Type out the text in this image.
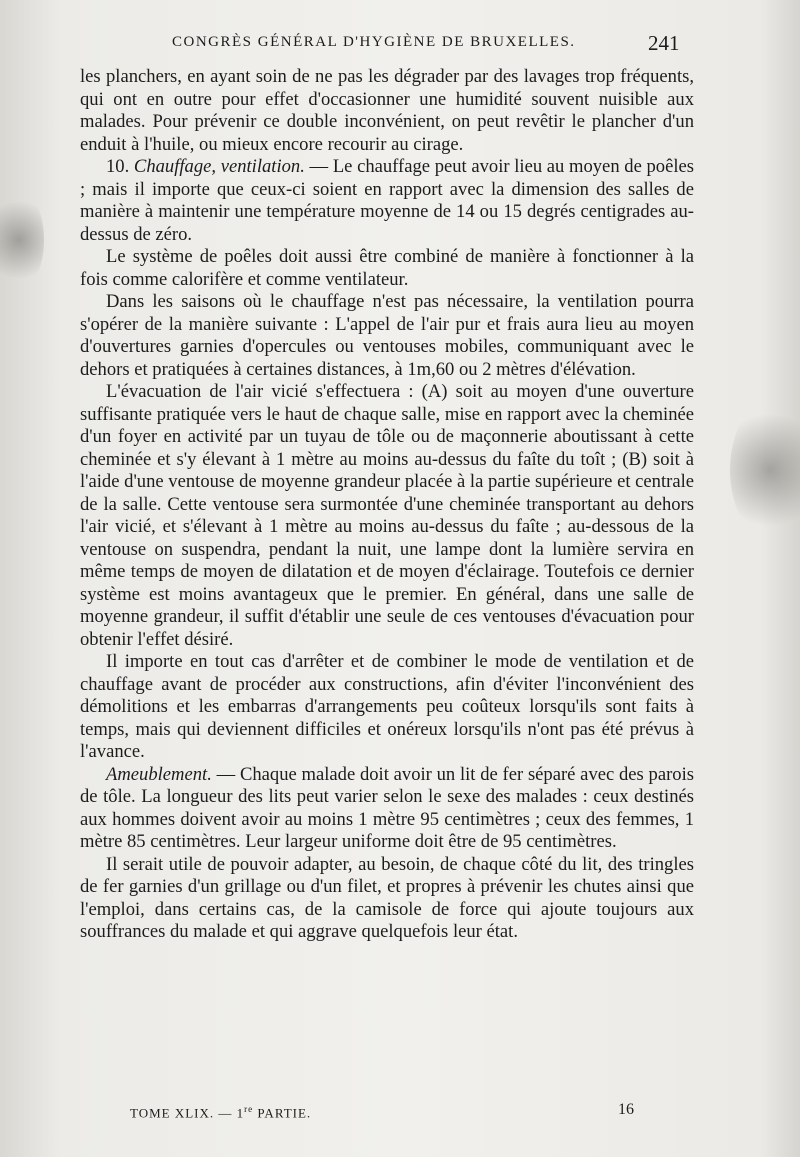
CONGRÈS GÉNÉRAL D'HYGIÈNE DE BRUXELLES.	241

les planchers, en ayant soin de ne pas les dégrader par des lavages trop fréquents, qui ont en outre pour effet d'occasionner une humidité souvent nuisible aux malades. Pour prévenir ce double inconvénient, on peut revêtir le plancher d'un enduit à l'huile, ou mieux encore recourir au cirage.

10. Chauffage, ventilation. — Le chauffage peut avoir lieu au moyen de poêles ; mais il importe que ceux-ci soient en rapport avec la dimension des salles de manière à maintenir une température moyenne de 14 ou 15 degrés centigrades au-dessus de zéro.

Le système de poêles doit aussi être combiné de manière à fonctionner à la fois comme calorifère et comme ventilateur.

Dans les saisons où le chauffage n'est pas nécessaire, la ventilation pourra s'opérer de la manière suivante : L'appel de l'air pur et frais aura lieu au moyen d'ouvertures garnies d'opercules ou ventouses mobiles, communiquant avec le dehors et pratiquées à certaines distances, à 1m,60 ou 2 mètres d'élévation.

L'évacuation de l'air vicié s'effectuera : (A) soit au moyen d'une ouverture suffisante pratiquée vers le haut de chaque salle, mise en rapport avec la cheminée d'un foyer en activité par un tuyau de tôle ou de maçonnerie aboutissant à cette cheminée et s'y élevant à 1 mètre au moins au-dessus du faîte du toît ; (B) soit à l'aide d'une ventouse de moyenne grandeur placée à la partie supérieure et centrale de la salle. Cette ventouse sera surmontée d'une cheminée transportant au dehors l'air vicié, et s'élevant à 1 mètre au moins au-dessus du faîte ; au-dessous de la ventouse on suspendra, pendant la nuit, une lampe dont la lumière servira en même temps de moyen de dilatation et de moyen d'éclairage. Toutefois ce dernier système est moins avantageux que le premier. En général, dans une salle de moyenne grandeur, il suffit d'établir une seule de ces ventouses d'évacuation pour obtenir l'effet désiré.

Il importe en tout cas d'arrêter et de combiner le mode de ventilation et de chauffage avant de procéder aux constructions, afin d'éviter l'inconvénient des démolitions et les embarras d'arrangements peu coûteux lorsqu'ils sont faits à temps, mais qui deviennent difficiles et onéreux lorsqu'ils n'ont pas été prévus à l'avance.

Ameublement. — Chaque malade doit avoir un lit de fer séparé avec des parois de tôle. La longueur des lits peut varier selon le sexe des malades : ceux destinés aux hommes doivent avoir au moins 1 mètre 95 centimètres ; ceux des femmes, 1 mètre 85 centimètres. Leur largeur uniforme doit être de 95 centimètres.

Il serait utile de pouvoir adapter, au besoin, de chaque côté du lit, des tringles de fer garnies d'un grillage ou d'un filet, et propres à prévenir les chutes ainsi que l'emploi, dans certains cas, de la camisole de force qui ajoute toujours aux souffrances du malade et qui aggrave quelquefois leur état.

TOME XLIX. — 1re PARTIE.	16
